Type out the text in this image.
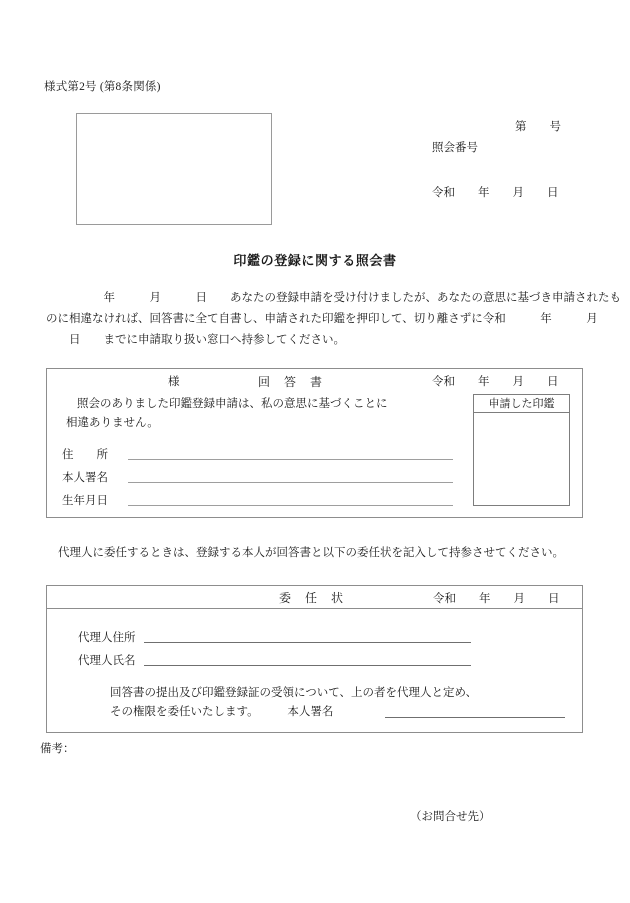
様式第2号 (第8条関係)
第　　号
照会番号
令和　　年　　月　　日
印鑑の登録に関する照会書
　　　　　年　　　月　　　日　　あなたの登録申請を受け付けましたが、あなたの意思に基づき申請されたも
のに相違なければ、回答書に全て自書し、申請された印鑑を押印して、切り離さずに令和　　　年　　　月
　　日　　までに申請取り扱い窓口へ持参してください。
様	回　答　書	令和　　年　　月　　日
照会のありました印鑑登録申請は、私の意思に基づくことに
相違ありません。
申請した印鑑
住　　所
本人署名
生年月日
代理人に委任するときは、登録する本人が回答書と以下の委任状を記入して持参させてください。
委　任　状	令和　　年　　月　　日
代理人住所
代理人氏名
回答書の提出及び印鑑登録証の受領について、上の者を代理人と定め、
その権限を委任いたします。　　　本人署名
備考：
（お問合せ先）
